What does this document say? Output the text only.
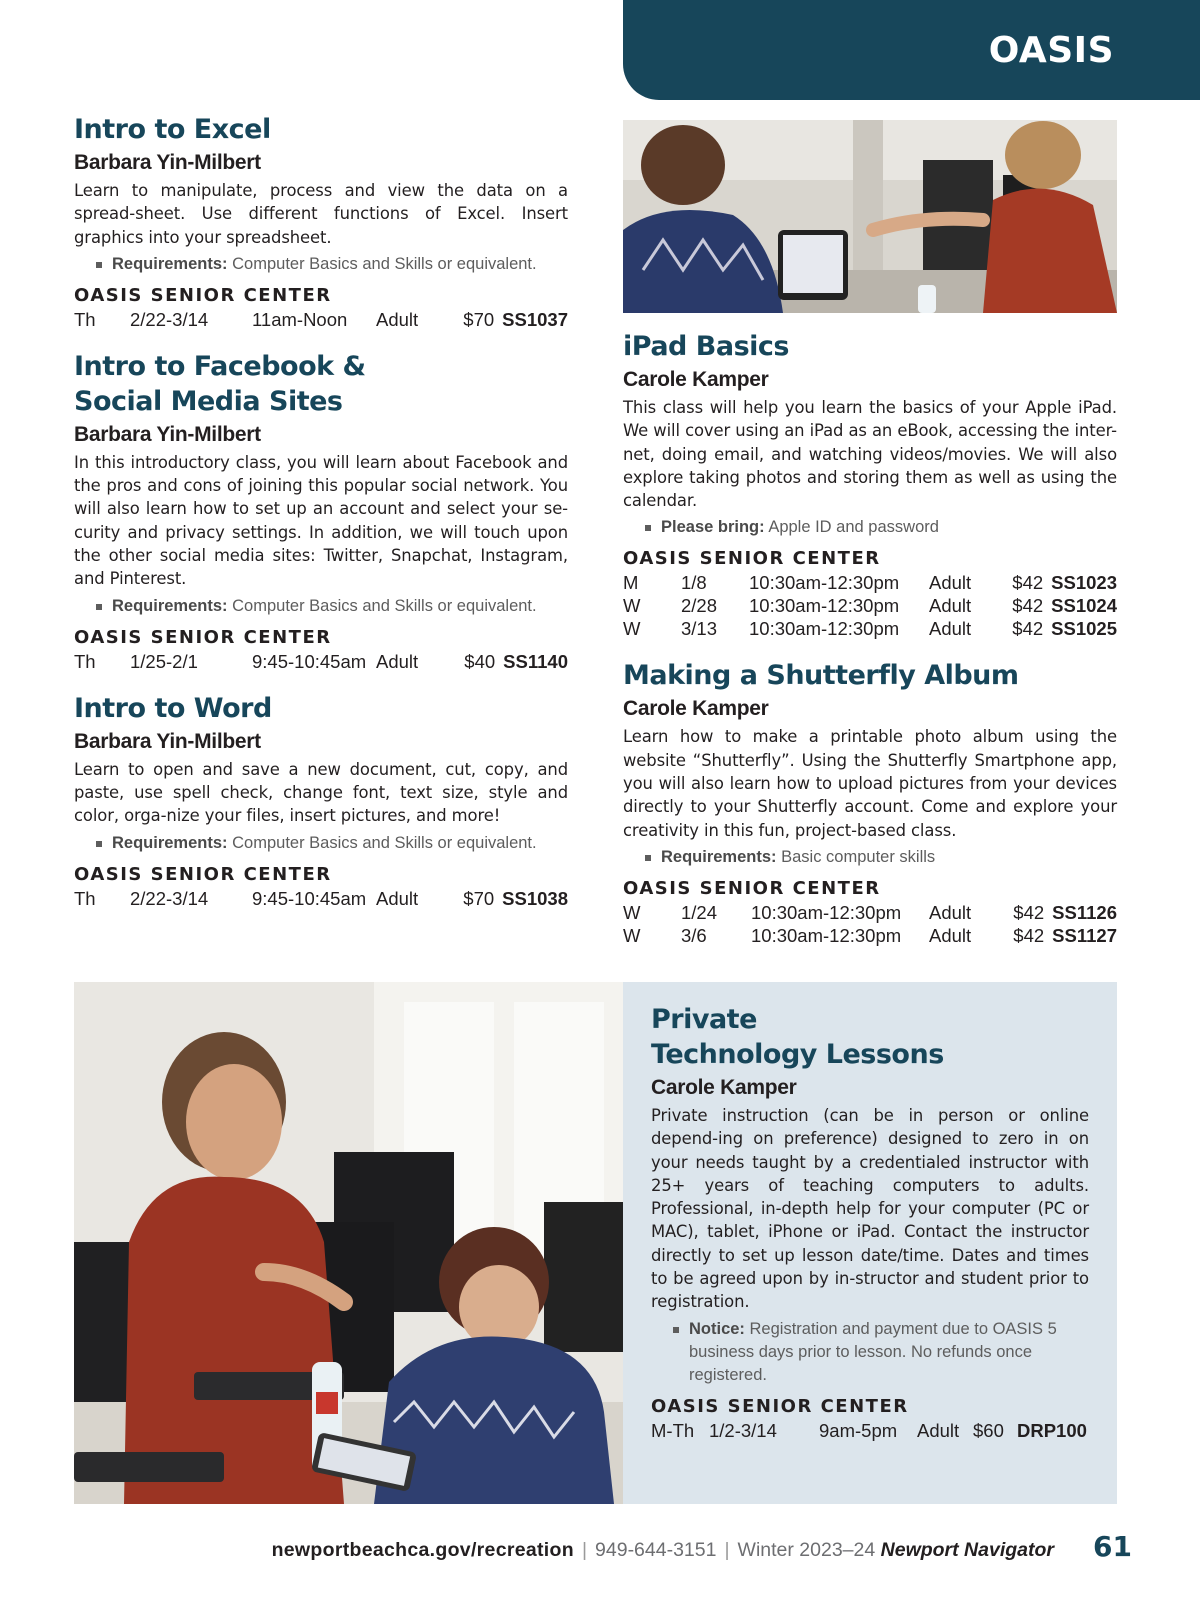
OASIS
Intro to Excel
Barbara Yin-Milbert

Learn to manipulate, process and view the data on a spread-sheet. Use different functions of Excel. Insert graphics into your spreadsheet.

Requirements: Computer Basics and Skills or equivalent.
OASIS SENIOR CENTER
Th	2/22-3/14	11am-Noon	Adult	$70	SS1037
Intro to Facebook &
Social Media Sites
Barbara Yin-Milbert

In this introductory class, you will learn about Facebook and the pros and cons of joining this popular social network. You will also learn how to set up an account and select your se-curity and privacy settings. In addition, we will touch upon the other social media sites: Twitter, Snapchat, Instagram, and Pinterest.

Requirements: Computer Basics and Skills or equivalent.
OASIS SENIOR CENTER
Th	1/25-2/1	9:45-10:45am	Adult	$40	SS1140
Intro to Word
Barbara Yin-Milbert

Learn to open and save a new document, cut, copy, and paste, use spell check, change font, text size, style and color, orga-nize your files, insert pictures, and more!

Requirements: Computer Basics and Skills or equivalent.
OASIS SENIOR CENTER
Th	2/22-3/14	9:45-10:45am	Adult	$70	SS1038
iPad Basics
Carole Kamper

This class will help you learn the basics of your Apple iPad. We will cover using an iPad as an eBook, accessing the inter-net, doing email, and watching videos/movies. We will also explore taking photos and storing them as well as using the calendar.

Please bring: Apple ID and password
OASIS SENIOR CENTER
M	1/8	10:30am-12:30pm	Adult	$42	SS1023
W	2/28	10:30am-12:30pm	Adult	$42	SS1024
W	3/13	10:30am-12:30pm	Adult	$42	SS1025
Making a Shutterfly Album
Carole Kamper

Learn how to make a printable photo album using the website “Shutterfly”. Using the Shutterfly Smartphone app, you will also learn how to upload pictures from your devices directly to your Shutterfly account. Come and explore your creativity in this fun, project-based class.

Requirements: Basic computer skills
OASIS SENIOR CENTER
W	1/24	10:30am-12:30pm	Adult	$42	SS1126
W	3/6	10:30am-12:30pm	Adult	$42	SS1127
Private
Technology Lessons
Carole Kamper

Private instruction (can be in person or online depend-ing on preference) designed to zero in on your needs taught by a credentialed instructor with 25+ years of teaching computers to adults. Professional, in-depth help for your computer (PC or MAC), tablet, iPhone or iPad. Contact the instructor directly to set up lesson date/time. Dates and times to be agreed upon by in-structor and student prior to registration.

Notice: Registration and payment due to OASIS 5 business days prior to lesson. No refunds once registered.
OASIS SENIOR CENTER
M-Th	1/2-3/14	9am-5pm	Adult	$60	DRP100
newportbeachca.gov/recreation | 949-644-3151 | Winter 2023–24 Newport Navigator 61
